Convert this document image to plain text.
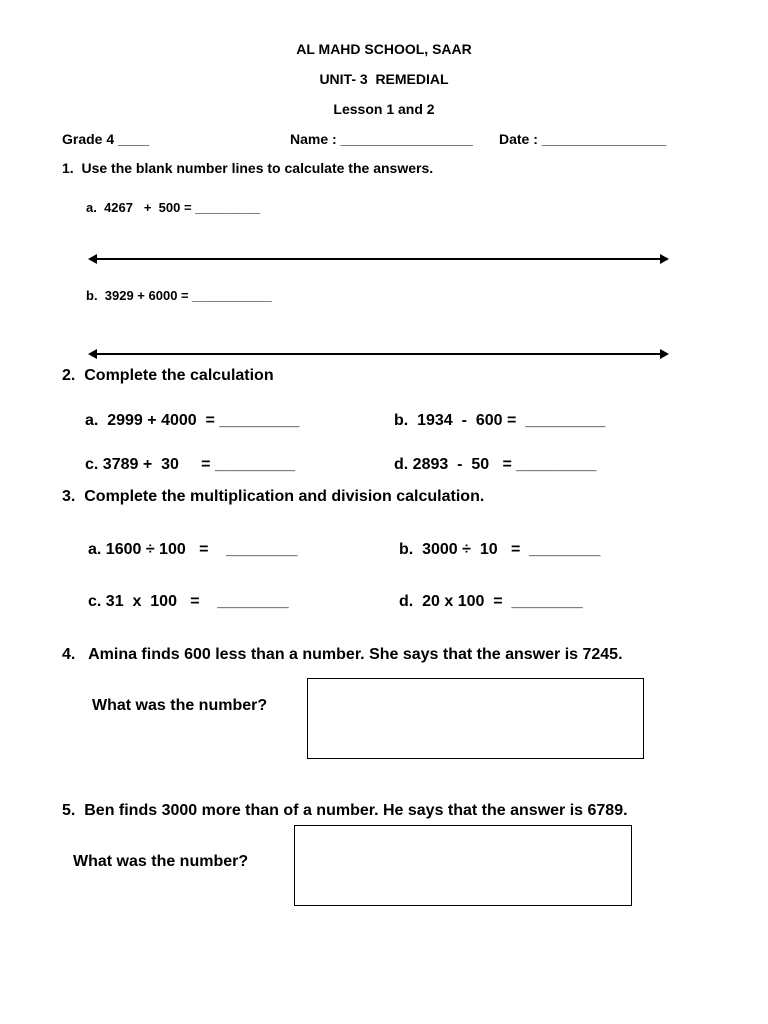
AL MAHD SCHOOL, SAAR
UNIT- 3  REMEDIAL
Lesson 1 and 2
Grade 4 ____	Name : _________________ Date : ________________
1.  Use the blank number lines to calculate the answers.
a.  4267   +  500 = _________
b.  3929 + 6000 = ___________
2.  Complete the calculation
a.  2999 + 4000  = _________	b.  1934  -  600 =  _________
c. 3789 +  30     = _________	d. 2893  -  50   = _________
3.  Complete the multiplication and division calculation.
a. 1600 ÷ 100   =    ________	b.  3000 ÷  10   =  ________
c. 31  x  100   =    ________	d.  20 x 100  =  ________
4.   Amina finds 600 less than a number. She says that the answer is 7245.
What was the number?
5.  Ben finds 3000 more than of a number. He says that the answer is 6789.
What was the number?
